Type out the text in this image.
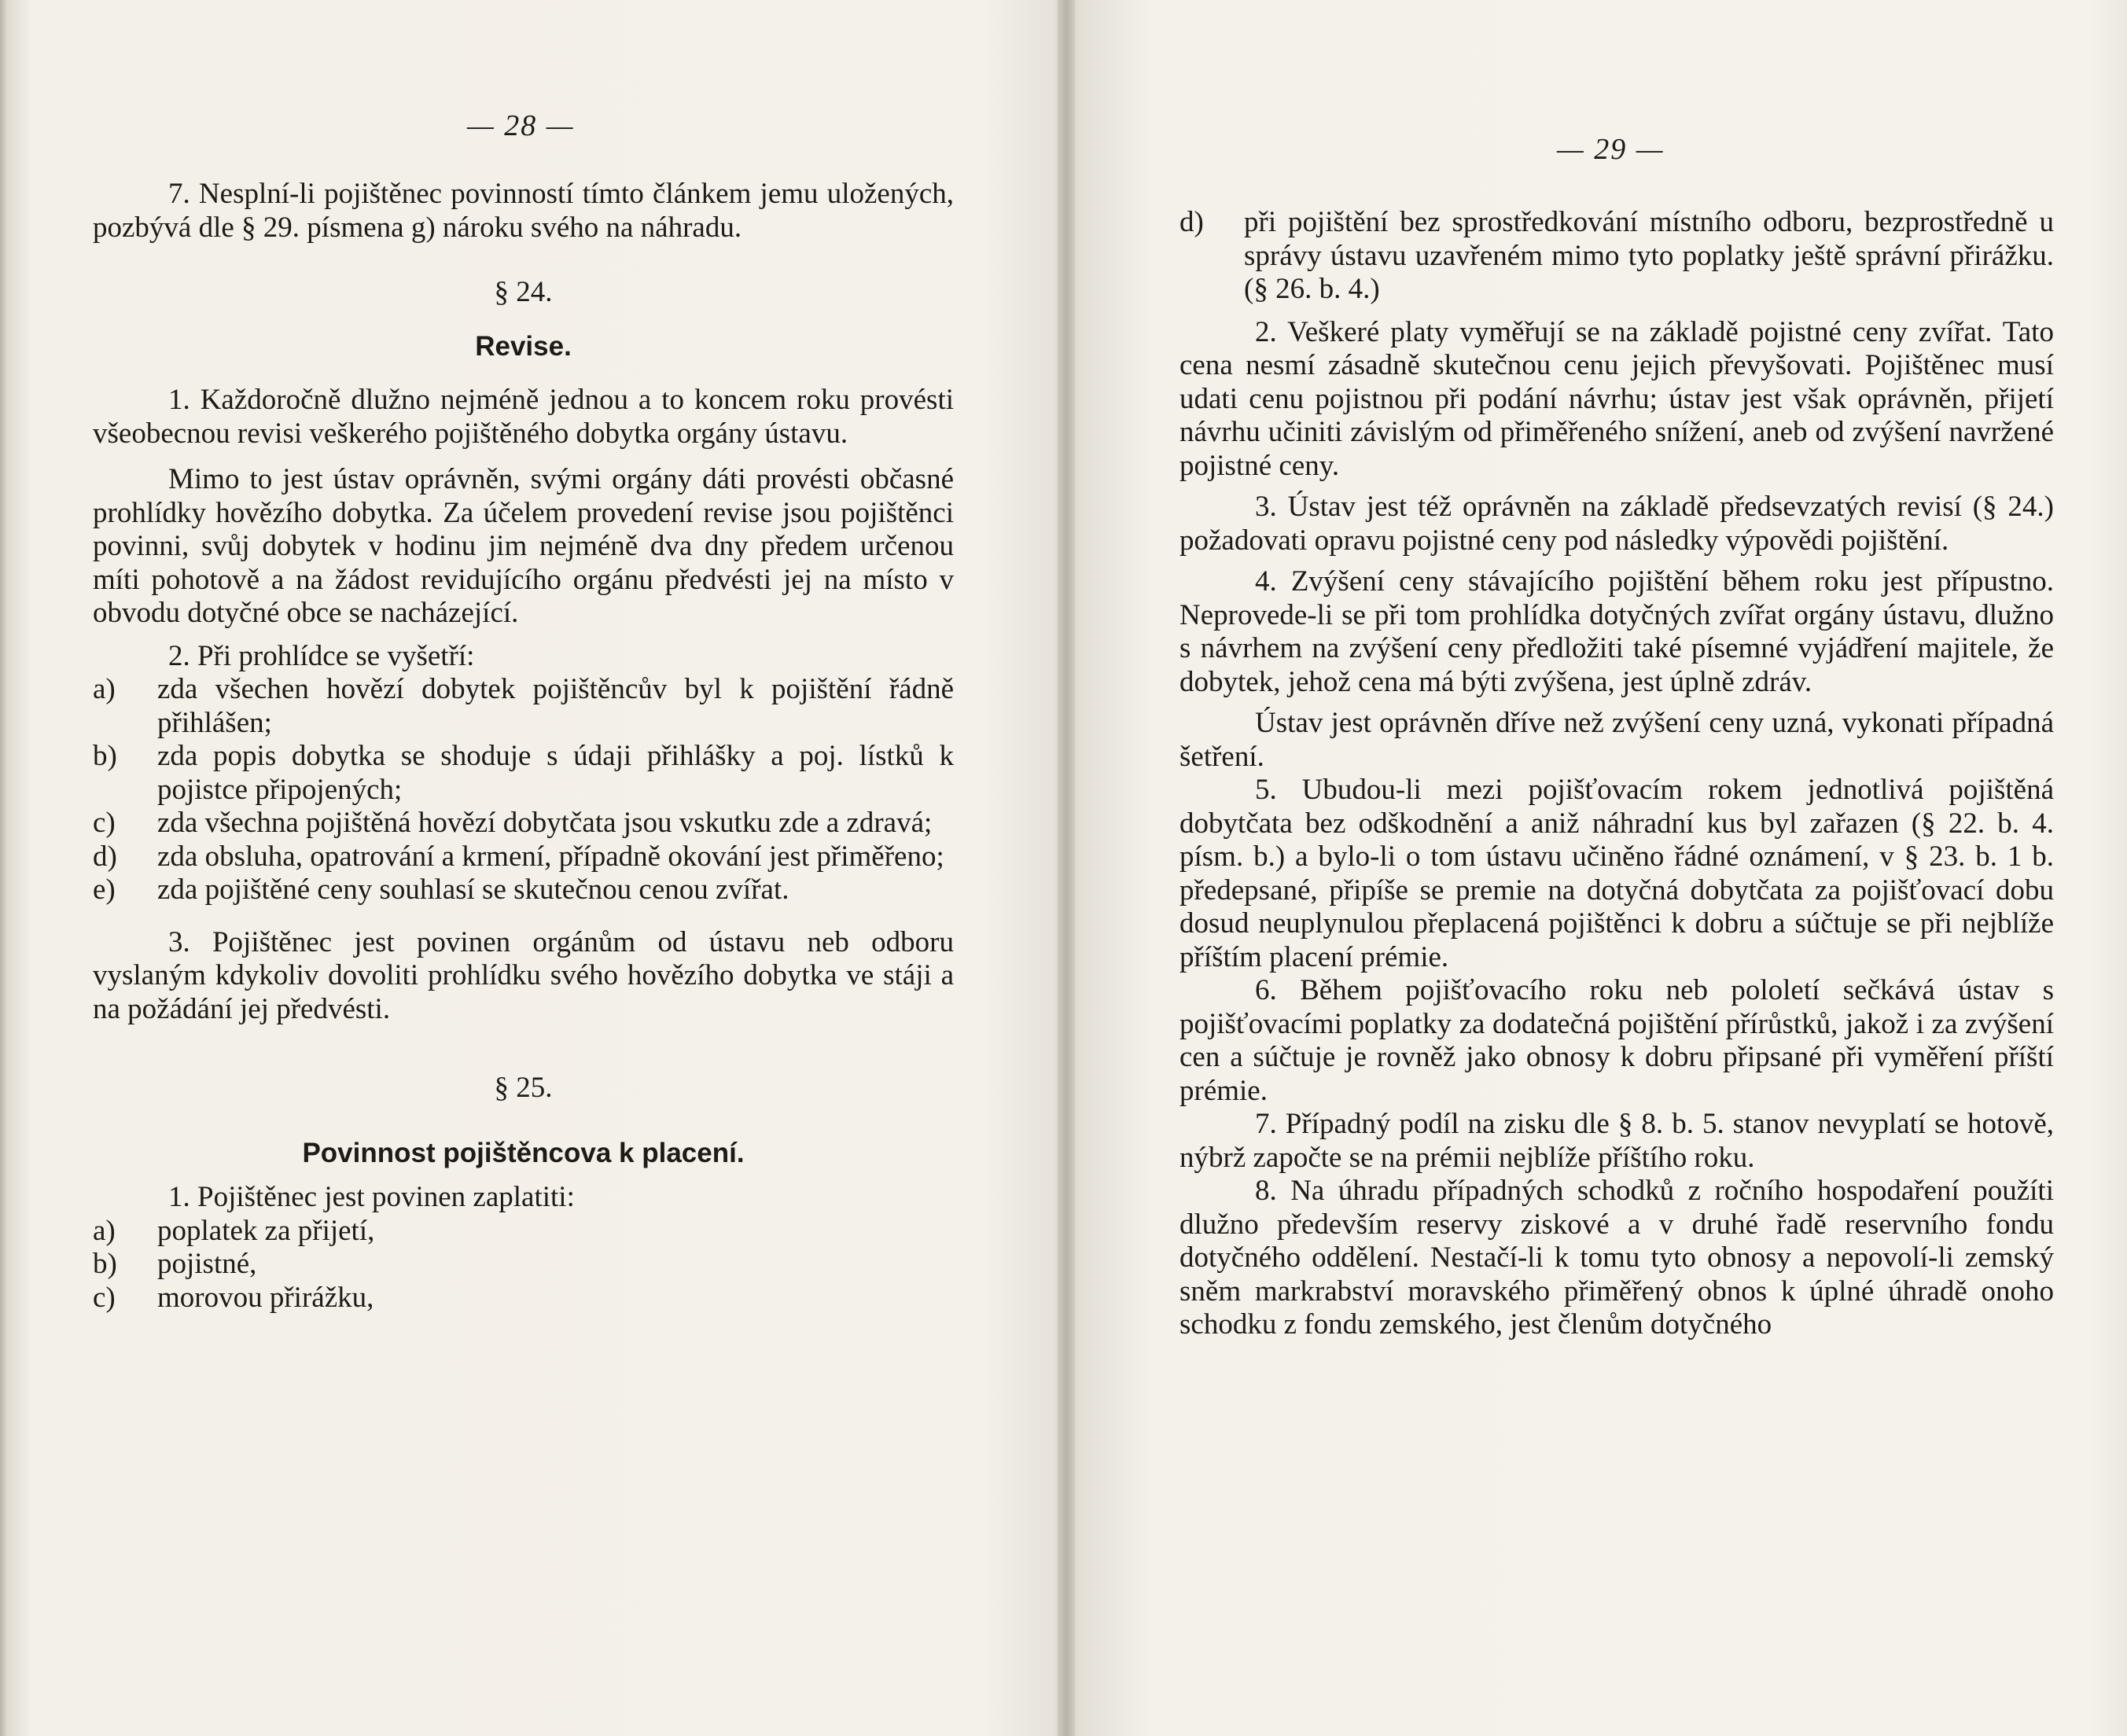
— 28 —

7. Nesplní-li pojištěnec povinností tímto článkem jemu uložených, pozbývá dle § 29. písmena g) nároku svého na náhradu.

§ 24.

Revise.

1. Každoročně dlužno nejméně jednou a to koncem roku provésti všeobecnou revisi veškerého pojištěného dobytka orgány ústavu.

Mimo to jest ústav oprávněn, svými orgány dáti provésti občasné prohlídky hovězího dobytka. Za účelem provedení revise jsou pojištěnci povinni, svůj dobytek v hodinu jim nejméně dva dny předem určenou míti pohotově a na žádost revidujícího orgánu předvésti jej na místo v obvodu dotyčné obce se nacházející.

2. Při prohlídce se vyšetří:

a) zda všechen hovězí dobytek pojištěncův byl k pojištění řádně přihlášen;

b) zda popis dobytka se shoduje s údaji přihlášky a poj. lístků k pojistce připojených;

c) zda všechna pojištěná hovězí dobytčata jsou vskutku zde a zdravá;

d) zda obsluha, opatrování a krmení, případně okování jest přiměřeno;

e) zda pojištěné ceny souhlasí se skutečnou cenou zvířat.

3. Pojištěnec jest povinen orgánům od ústavu neb odboru vyslaným kdykoliv dovoliti prohlídku svého hovězího dobytka ve stáji a na požádání jej předvésti.

§ 25.

Povinnost pojištěncova k placení.

1. Pojištěnec jest povinen zaplatiti:

a) poplatek za přijetí,

b) pojistné,

c) morovou přirážku,

— 29 —

d) při pojištění bez sprostředkování místního odboru, bezprostředně u správy ústavu uzavřeném mimo tyto poplatky ještě správní přirážku. (§ 26. b. 4.)

2. Veškeré platy vyměřují se na základě pojistné ceny zvířat. Tato cena nesmí zásadně skutečnou cenu jejich převyšovati. Pojištěnec musí udati cenu pojistnou při podání návrhu; ústav jest však oprávněn, přijetí návrhu učiniti závislým od přiměřeného snížení, aneb od zvýšení navržené pojistné ceny.

3. Ústav jest též oprávněn na základě předsevzatých revisí (§ 24.) požadovati opravu pojistné ceny pod následky výpovědi pojištění.

4. Zvýšení ceny stávajícího pojištění během roku jest přípustno. Neprovede-li se při tom prohlídka dotyčných zvířat orgány ústavu, dlužno s návrhem na zvýšení ceny předložiti také písemné vyjádření majitele, že dobytek, jehož cena má býti zvýšena, jest úplně zdráv.

Ústav jest oprávněn dříve než zvýšení ceny uzná, vykonati případná šetření.

5. Ubudou-li mezi pojišťovacím rokem jednotlivá pojištěná dobytčata bez odškodnění a aniž náhradní kus byl zařazen (§ 22. b. 4. písm. b.) a bylo-li o tom ústavu učiněno řádné oznámení, v § 23. b. 1 b. předepsané, připíše se premie na dotyčná dobytčata za pojišťovací dobu dosud neuplynulou přeplacená pojištěnci k dobru a súčtuje se při nejblíže příštím placení prémie.

6. Během pojišťovacího roku neb pololetí sečkává ústav s pojišťovacími poplatky za dodatečná pojištění přírůstků, jakož i za zvýšení cen a súčtuje je rovněž jako obnosy k dobru připsané při vyměření příští prémie.

7. Případný podíl na zisku dle § 8. b. 5. stanov nevyplatí se hotově, nýbrž započte se na prémii nejblíže příštího roku.

8. Na úhradu případných schodků z ročního hospodaření použíti dlužno především reservy ziskové a v druhé řadě reservního fondu dotyčného oddělení. Nestačí-li k tomu tyto obnosy a nepovolí-li zemský sněm markrabství moravského přiměřený obnos k úplné úhradě onoho schodku z fondu zemského, jest členům dotyčného
